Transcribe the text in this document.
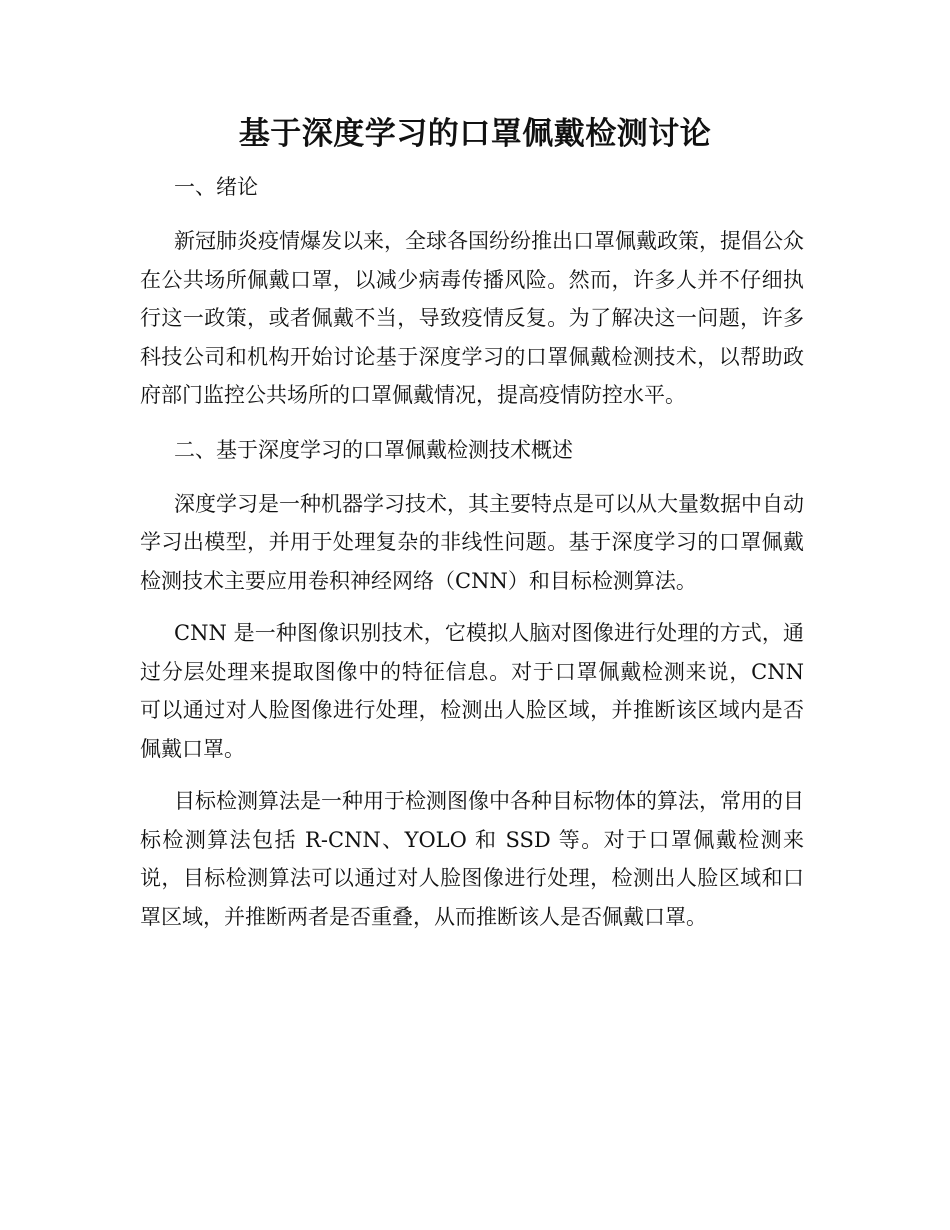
基于深度学习的口罩佩戴检测讨论

一、绪论

新冠肺炎疫情爆发以来，全球各国纷纷推出口罩佩戴政策，提倡公众在公共场所佩戴口罩，以减少病毒传播风险。然而，许多人并不仔细执行这一政策，或者佩戴不当，导致疫情反复。为了解决这一问题，许多科技公司和机构开始讨论基于深度学习的口罩佩戴检测技术，以帮助政府部门监控公共场所的口罩佩戴情况，提高疫情防控水平。

二、基于深度学习的口罩佩戴检测技术概述

深度学习是一种机器学习技术，其主要特点是可以从大量数据中自动学习出模型，并用于处理复杂的非线性问题。基于深度学习的口罩佩戴检测技术主要应用卷积神经网络（CNN）和目标检测算法。

CNN 是一种图像识别技术，它模拟人脑对图像进行处理的方式，通过分层处理来提取图像中的特征信息。对于口罩佩戴检测来说，CNN 可以通过对人脸图像进行处理，检测出人脸区域，并推断该区域内是否佩戴口罩。

目标检测算法是一种用于检测图像中各种目标物体的算法，常用的目标检测算法包括 R-CNN、YOLO 和 SSD 等。对于口罩佩戴检测来说，目标检测算法可以通过对人脸图像进行处理，检测出人脸区域和口罩区域，并推断两者是否重叠，从而推断该人是否佩戴口罩。
